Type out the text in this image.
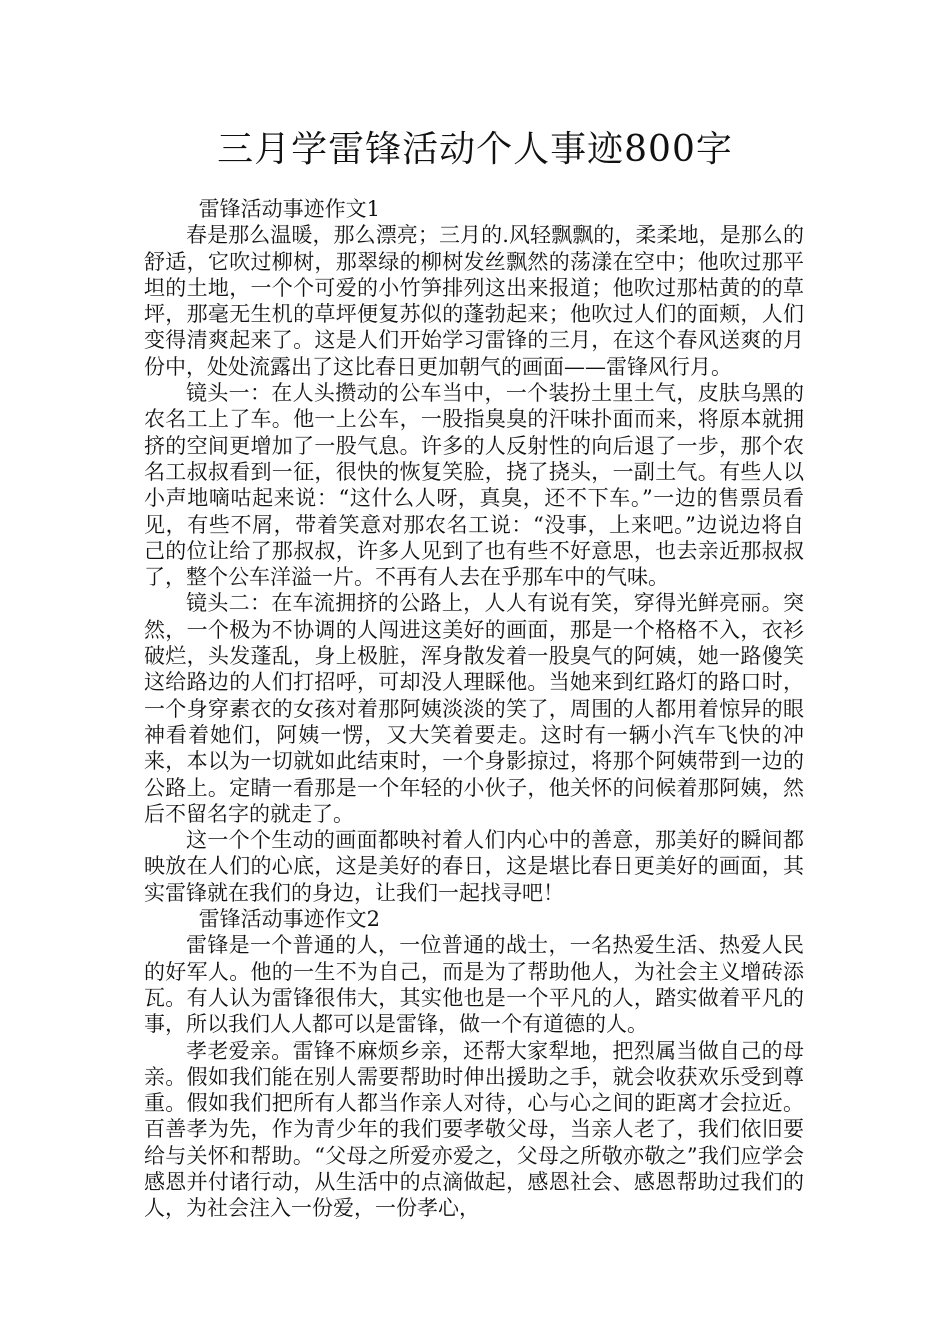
三月学雷锋活动个人事迹800字

雷锋活动事迹作文1

春是那么温暖，那么漂亮；三月的.风轻飘飘的，柔柔地，是那么的舒适，它吹过柳树，那翠绿的柳树发丝飘然的荡漾在空中；他吹过那平坦的土地，一个个可爱的小竹笋排列这出来报道；他吹过那枯黄的的草坪，那毫无生机的草坪便复苏似的蓬勃起来；他吹过人们的面颊，人们变得清爽起来了。这是人们开始学习雷锋的三月，在这个春风送爽的月份中，处处流露出了这比春日更加朝气的画面——雷锋风行月。

镜头一：在人头攒动的公车当中，一个装扮土里土气，皮肤乌黑的农名工上了车。他一上公车，一股指臭臭的汗味扑面而来，将原本就拥挤的空间更增加了一股气息。许多的人反射性的向后退了一步，那个农名工叔叔看到一征，很快的恢复笑脸，挠了挠头，一副土气。有些人以小声地嘀咕起来说：“这什么人呀，真臭，还不下车。”一边的售票员看见，有些不屑，带着笑意对那农名工说：“没事，上来吧。”边说边将自己的位让给了那叔叔，许多人见到了也有些不好意思，也去亲近那叔叔了，整个公车洋溢一片。不再有人去在乎那车中的气味。

镜头二：在车流拥挤的公路上，人人有说有笑，穿得光鲜亮丽。突然，一个极为不协调的人闯进这美好的画面，那是一个格格不入，衣衫破烂，头发蓬乱，身上极脏，浑身散发着一股臭气的阿姨，她一路傻笑这给路边的人们打招呼，可却没人理睬他。当她来到红路灯的路口时，一个身穿素衣的女孩对着那阿姨淡淡的笑了，周围的人都用着惊异的眼神看着她们，阿姨一愣，又大笑着要走。这时有一辆小汽车飞快的冲来，本以为一切就如此结束时，一个身影掠过，将那个阿姨带到一边的公路上。定睛一看那是一个年轻的小伙子，他关怀的问候着那阿姨，然后不留名字的就走了。

这一个个生动的画面都映衬着人们内心中的善意，那美好的瞬间都映放在人们的心底，这是美好的春日，这是堪比春日更美好的画面，其实雷锋就在我们的身边，让我们一起找寻吧！

雷锋活动事迹作文2

雷锋是一个普通的人，一位普通的战士，一名热爱生活、热爱人民的好军人。他的一生不为自己，而是为了帮助他人，为社会主义增砖添瓦。有人认为雷锋很伟大，其实他也是一个平凡的人，踏实做着平凡的事，所以我们人人都可以是雷锋，做一个有道德的人。

孝老爱亲。雷锋不麻烦乡亲，还帮大家犁地，把烈属当做自己的母亲。假如我们能在别人需要帮助时伸出援助之手，就会收获欢乐受到尊重。假如我们把所有人都当作亲人对待，心与心之间的距离才会拉近。百善孝为先，作为青少年的我们要孝敬父母，当亲人老了，我们依旧要给与关怀和帮助。“父母之所爱亦爱之，父母之所敬亦敬之”我们应学会感恩并付诸行动，从生活中的点滴做起，感恩社会、感恩帮助过我们的人，为社会注入一份爱，一份孝心，
